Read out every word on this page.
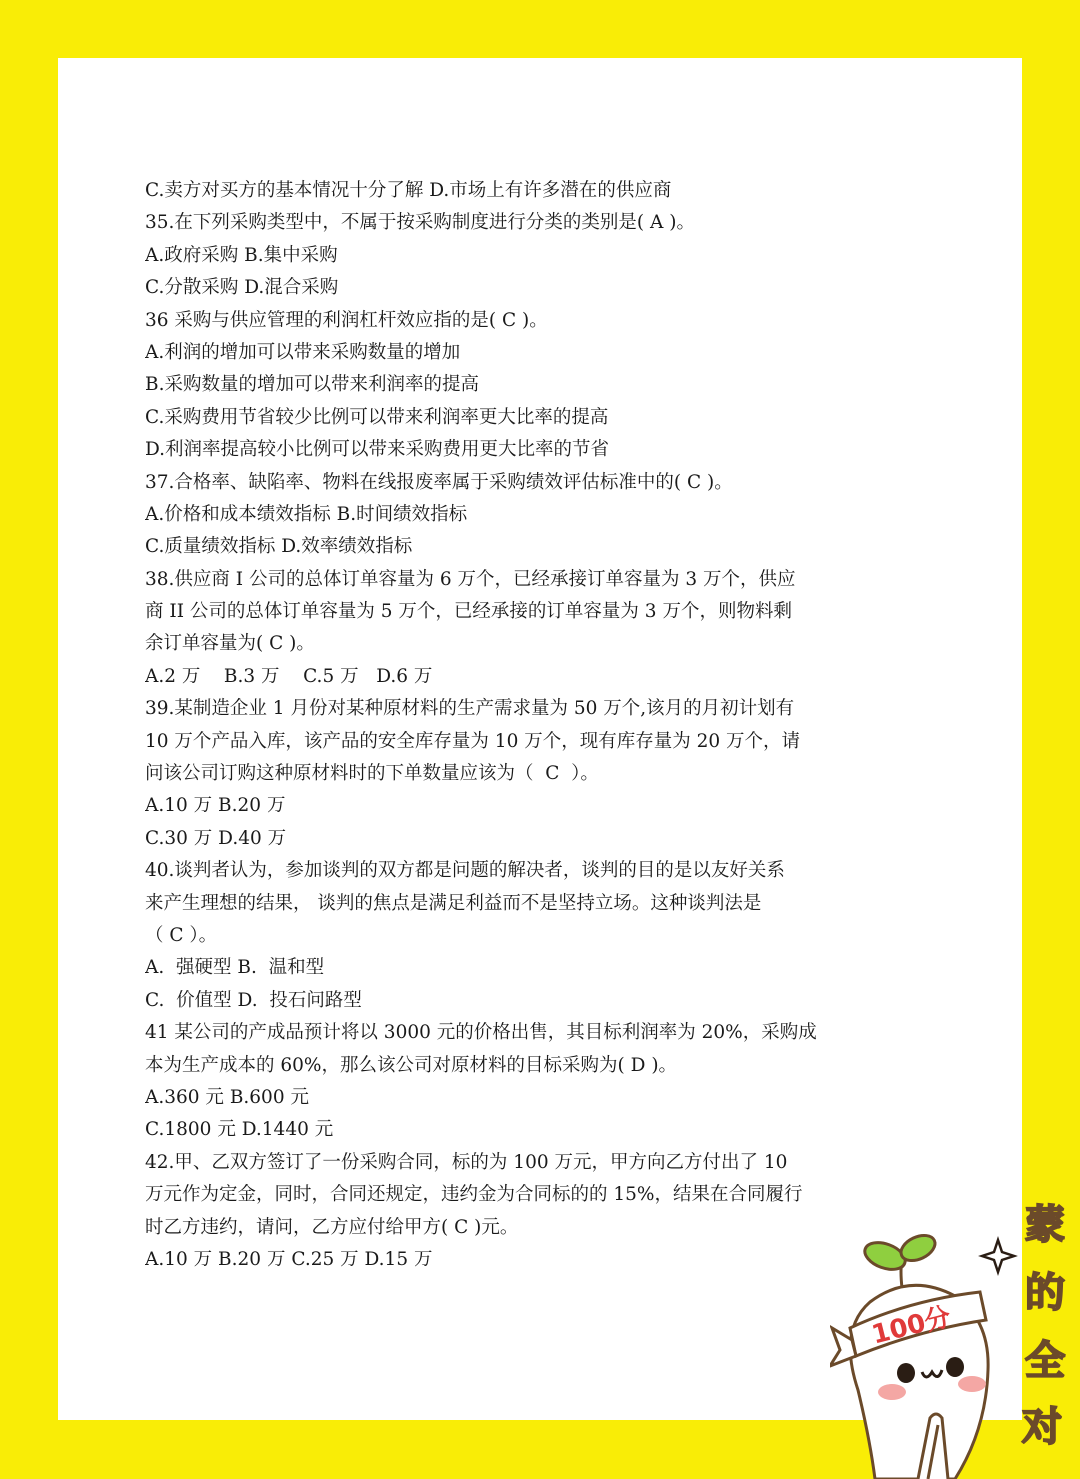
C.卖方对买方的基本情况十分了解 D.市场上有许多潜在的供应商
35.在下列采购类型中，不属于按采购制度进行分类的类别是( A )。
A.政府采购 B.集中采购
C.分散采购 D.混合采购
36 采购与供应管理的利润杠杆效应指的是( C )。
A.利润的增加可以带来采购数量的增加
B.采购数量的增加可以带来利润率的提高
C.采购费用节省较少比例可以带来利润率更大比率的提高
D.利润率提高较小比例可以带来采购费用更大比率的节省
37.合格率、缺陷率、物料在线报废率属于采购绩效评估标准中的( C )。
A.价格和成本绩效指标 B.时间绩效指标
C.质量绩效指标 D.效率绩效指标
38.供应商 I 公司的总体订单容量为 6 万个，已经承接订单容量为 3 万个，供应
商 II 公司的总体订单容量为 5 万个，已经承接的订单容量为 3 万个，则物料剩
余订单容量为( C )。
A.2 万    B.3 万    C.5 万   D.6 万
39.某制造企业 1 月份对某种原材料的生产需求量为 50 万个,该月的月初计划有
10 万个产品入库，该产品的安全库存量为 10 万个，现有库存量为 20 万个，请
问该公司订购这种原材料时的下单数量应该为（  C  ）。
A.10 万 B.20 万
C.30 万 D.40 万
40.谈判者认为，参加谈判的双方都是问题的解决者，谈判的目的是以友好关系
来产生理想的结果， 谈判的焦点是满足利益而不是坚持立场。这种谈判法是
（ C ）。
A.  强硬型 B.  温和型
C.  价值型 D.  投石问路型
41 某公司的产成品预计将以 3000 元的价格出售，其目标利润率为 20%，采购成
本为生产成本的 60%，那么该公司对原材料的目标采购为( D )。
A.360 元 B.600 元
C.1800 元 D.1440 元
42.甲、乙双方签订了一份采购合同，标的为 100 万元，甲方向乙方付出了 10
万元作为定金，同时，合同还规定，违约金为合同标的的 15%，结果在合同履行
时乙方违约，请问，乙方应付给甲方( C )元。
A.10 万 B.20 万 C.25 万 D.15 万
100分
蒙
的
全
对
